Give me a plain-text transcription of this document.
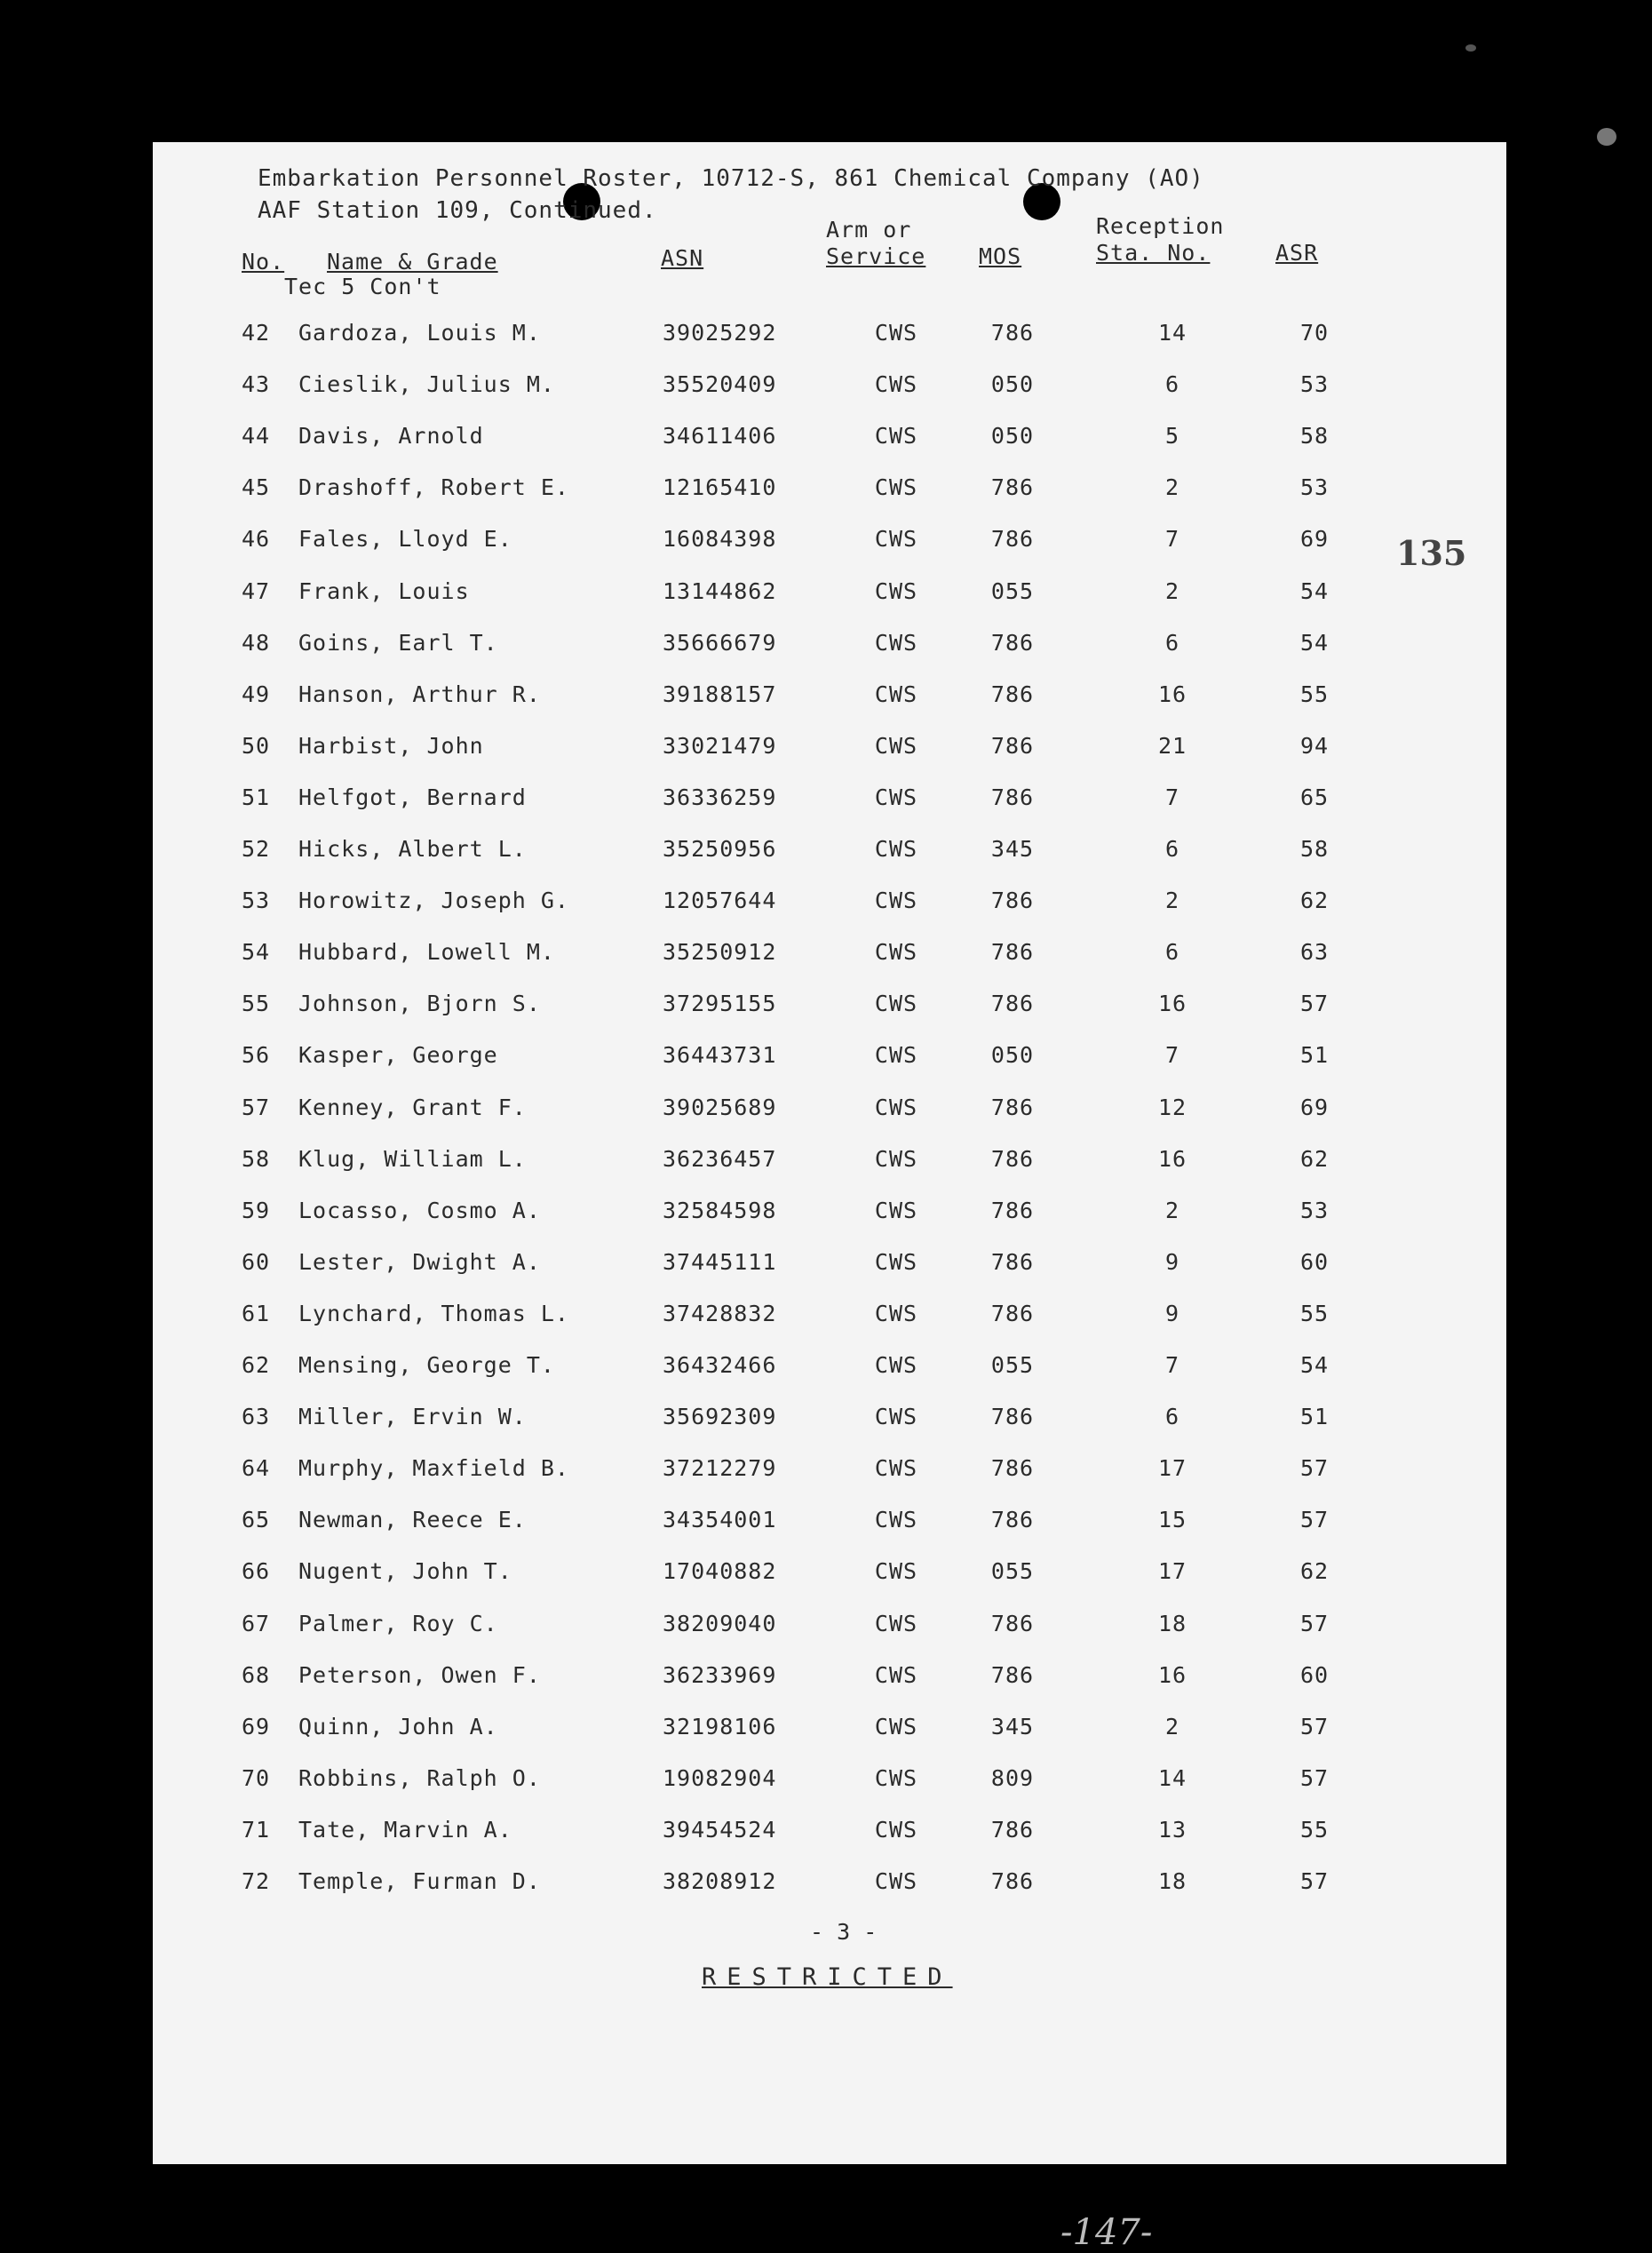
Embarkation Personnel Roster, 10712-S, 861 Chemical Company (AO)
AAF Station 109, Continued.
No. Name & Grade	ASN
Arm or
Service MOS
Reception
Sta. No.	ASR
Tec 5 Con't
42 Gardoza, Louis M.	39025292	CWS	786	14	70
43 Cieslik, Julius M.	35520409	CWS	050	6	53
44 Davis, Arnold	34611406	CWS	050	5	58
45 Drashoff, Robert E.	12165410	CWS	786	2	53
46 Fales, Lloyd E.	16084398	CWS	786	7	69
47 Frank, Louis	13144862	CWS	055	2	54
48 Goins, Earl T.	35666679	CWS	786	6	54
49 Hanson, Arthur R.	39188157	CWS	786	16	55
50 Harbist, John	33021479	CWS	786	21	94
51 Helfgot, Bernard	36336259	CWS	786	7	65
52 Hicks, Albert L.	35250956	CWS	345	6	58
53 Horowitz, Joseph G.	12057644	CWS	786	2	62
54 Hubbard, Lowell M.	35250912	CWS	786	6	63
55 Johnson, Bjorn S.	37295155	CWS	786	16	57
56 Kasper, George	36443731	CWS	050	7	51
57 Kenney, Grant F.	39025689	CWS	786	12	69
58 Klug, William L.	36236457	CWS	786	16	62
59 Locasso, Cosmo A.	32584598	CWS	786	2	53
60 Lester, Dwight A.	37445111	CWS	786	9	60
61 Lynchard, Thomas L.	37428832	CWS	786	9	55
62 Mensing, George T.	36432466	CWS	055	7	54
63 Miller, Ervin W.	35692309	CWS	786	6	51
64 Murphy, Maxfield B.	37212279	CWS	786	17	57
65 Newman, Reece E.	34354001	CWS	786	15	57
66 Nugent, John T.	17040882	CWS	055	17	62
67 Palmer, Roy C.	38209040	CWS	786	18	57
68 Peterson, Owen F.	36233969	CWS	786	16	60
69 Quinn, John A.	32198106	CWS	345	2	57
70 Robbins, Ralph O.	19082904	CWS	809	14	57
71 Tate, Marvin A.	39454524	CWS	786	13	55
72 Temple, Furman D.	38208912	CWS	786	18	57
- 3 -
RESTRICTED
-147-
135
